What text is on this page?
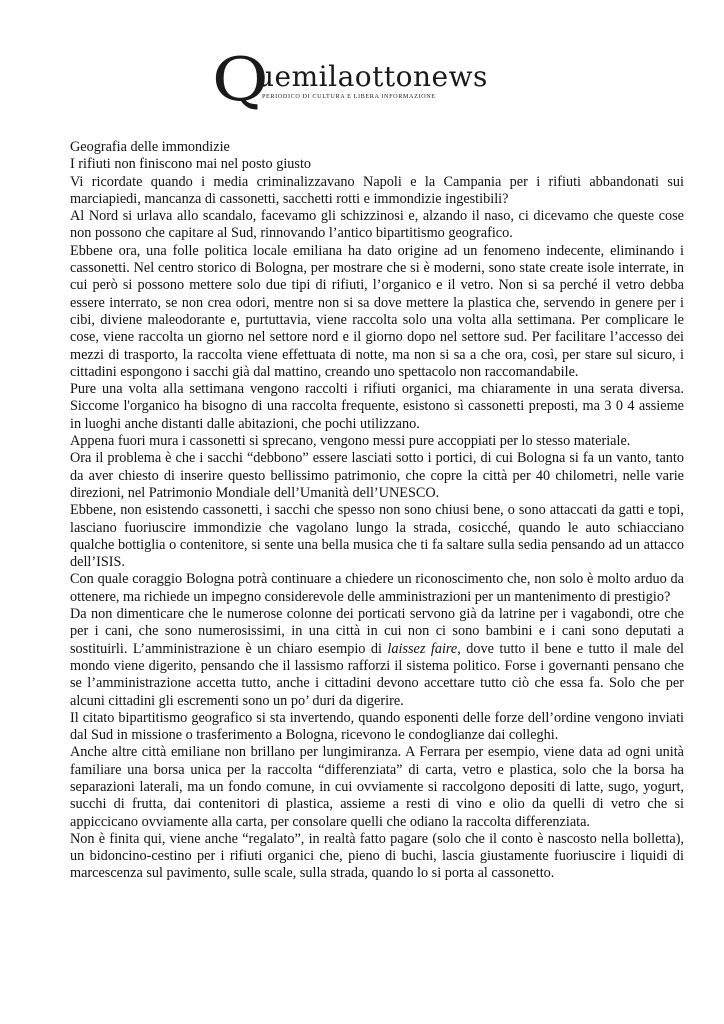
Q
uemilaottonews
PERIODICO DI CULTURA E LIBERA INFORMAZIONE
Geografia delle immondizie
I rifiuti non finiscono mai nel posto giusto

Vi ricordate quando i media criminalizzavano Napoli e la Campania per i rifiuti abbandonati sui marciapiedi, mancanza di cassonetti, sacchetti rotti e immondizie ingestibili?

Al Nord si urlava allo scandalo, facevamo gli schizzinosi e, alzando il naso, ci dicevamo che queste cose non possono che capitare al Sud, rinnovando l’antico bipartitismo geografico.

Ebbene ora, una folle politica locale emiliana ha dato origine ad un fenomeno indecente, eliminando i cassonetti. Nel centro storico di Bologna, per mostrare che si è moderni, sono state create isole interrate, in cui però si possono mettere solo due tipi di rifiuti, l’organico e il vetro. Non si sa perché il vetro debba essere interrato, se non crea odori, mentre non si sa dove mettere la plastica che, servendo in genere per i cibi, diviene maleodorante e, purtuttavia, viene raccolta solo una volta alla settimana. Per complicare le cose, viene raccolta un giorno nel settore nord e il giorno dopo nel settore sud. Per facilitare l’accesso dei mezzi di trasporto, la raccolta viene effettuata di notte, ma non si sa a che ora, così, per stare sul sicuro, i cittadini espongono i sacchi già dal mattino, creando uno spettacolo non raccomandabile.

Pure una volta alla settimana vengono raccolti i rifiuti organici, ma chiaramente in una serata diversa. Siccome l'organico ha bisogno di una raccolta frequente, esistono sì cassonetti preposti, ma 3 0 4 assieme in luoghi anche distanti dalle abitazioni, che pochi utilizzano.

Appena fuori mura i cassonetti si sprecano, vengono messi pure accoppiati per lo stesso materiale.

Ora il problema è che i sacchi “debbono” essere lasciati sotto i portici, di cui Bologna si fa un vanto, tanto da aver chiesto di inserire questo bellissimo patrimonio, che copre la città per 40 chilometri, nelle varie direzioni, nel Patrimonio Mondiale dell’Umanità dell’UNESCO.

Ebbene, non esistendo cassonetti, i sacchi che spesso non sono chiusi bene, o sono attaccati da gatti e topi, lasciano fuoriuscire immondizie che vagolano lungo la strada, cosicché, quando le auto schiacciano qualche bottiglia o contenitore, si sente una bella musica che ti fa saltare sulla sedia pensando ad un attacco dell’ISIS.

Con quale coraggio Bologna potrà continuare a chiedere un riconoscimento che, non solo è molto arduo da ottenere, ma richiede un impegno considerevole delle amministrazioni per un mantenimento di prestigio?

Da non dimenticare che le numerose colonne dei porticati servono già da latrine per i vagabondi, otre che per i cani, che sono numerosissimi, in una città in cui non ci sono bambini e i cani sono deputati a sostituirli. L’amministrazione è un chiaro esempio di laissez faire, dove tutto il bene e tutto il male del mondo viene digerito, pensando che il lassismo rafforzi il sistema politico. Forse i governanti pensano che se l’amministrazione accetta tutto, anche i cittadini devono accettare tutto ciò che essa fa. Solo che per alcuni cittadini gli escrementi sono un po’ duri da digerire.

Il citato bipartitismo geografico si sta invertendo, quando esponenti delle forze dell’ordine vengono inviati dal Sud in missione o trasferimento a Bologna, ricevono le condoglianze dai colleghi.

Anche altre città emiliane non brillano per lungimiranza. A Ferrara per esempio, viene data ad ogni unità familiare una borsa unica per la raccolta “differenziata” di carta, vetro e plastica, solo che la borsa ha separazioni laterali, ma un fondo comune, in cui ovviamente si raccolgono depositi di latte, sugo, yogurt, succhi di frutta, dai contenitori di plastica, assieme a resti di vino e olio da quelli di vetro che si appiccicano ovviamente alla carta, per consolare quelli che odiano la raccolta differenziata.

Non è finita qui, viene anche “regalato”, in realtà fatto pagare (solo che il conto è nascosto nella bolletta), un bidoncino-cestino per i rifiuti organici che, pieno di buchi, lascia giustamente fuoriuscire i liquidi di marcescenza sul pavimento, sulle scale, sulla strada, quando lo si porta al cassonetto.
